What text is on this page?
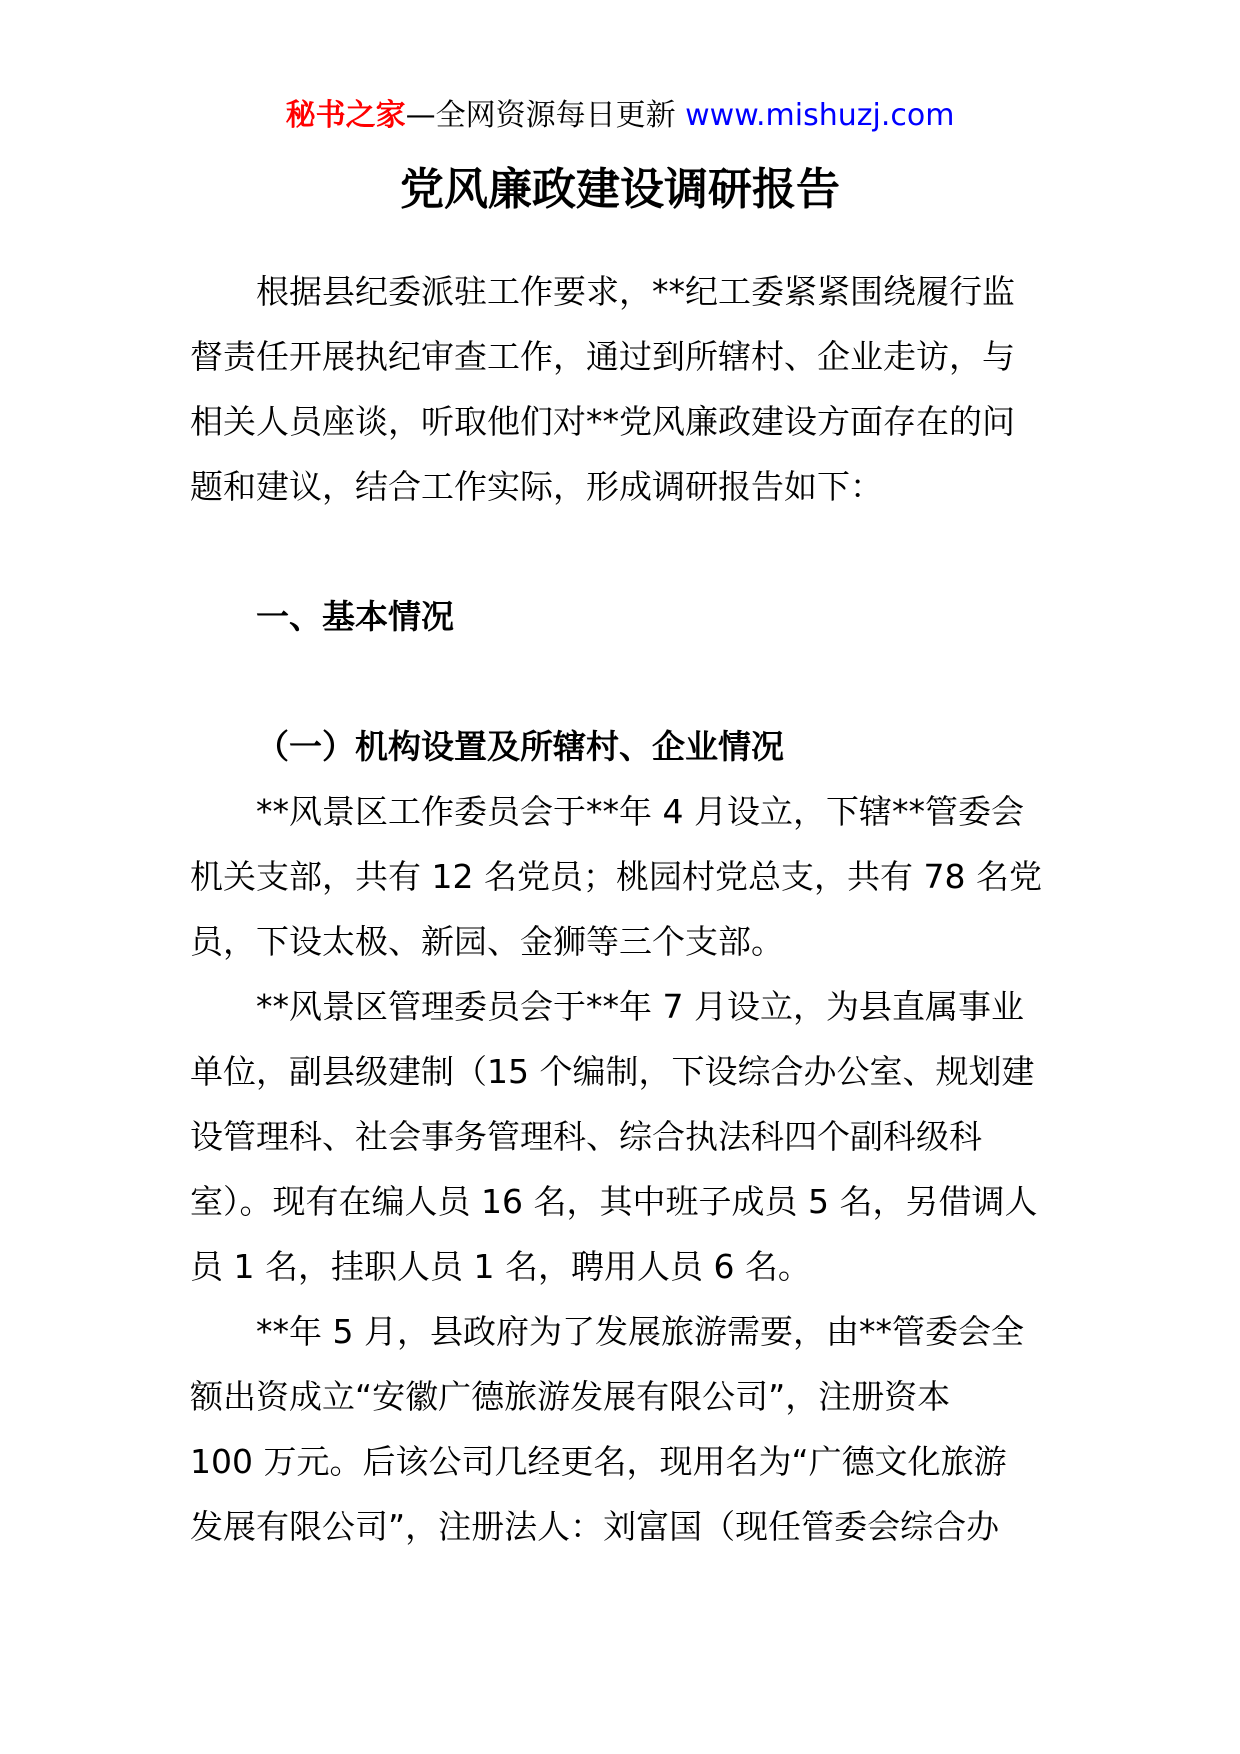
秘书之家—全网资源每日更新 www.mishuzj.com
党风廉政建设调研报告
根据县纪委派驻工作要求，**纪工委紧紧围绕履行监
督责任开展执纪审查工作，通过到所辖村、企业走访，与
相关人员座谈，听取他们对**党风廉政建设方面存在的问
题和建议，结合工作实际，形成调研报告如下：
一、基本情况
（一）机构设置及所辖村、企业情况
**风景区工作委员会于**年 4 月设立，下辖**管委会
机关支部，共有 12 名党员；桃园村党总支，共有 78 名党
员，下设太极、新园、金狮等三个支部。
**风景区管理委员会于**年 7 月设立，为县直属事业
单位，副县级建制（15 个编制，下设综合办公室、规划建
设管理科、社会事务管理科、综合执法科四个副科级科
室）。现有在编人员 16 名，其中班子成员 5 名，另借调人
员 1 名，挂职人员 1 名，聘用人员 6 名。
**年 5 月，县政府为了发展旅游需要，由**管委会全
额出资成立“安徽广德旅游发展有限公司”，注册资本
100 万元。后该公司几经更名，现用名为“广德文化旅游
发展有限公司”，注册法人：刘富国（现任管委会综合办
